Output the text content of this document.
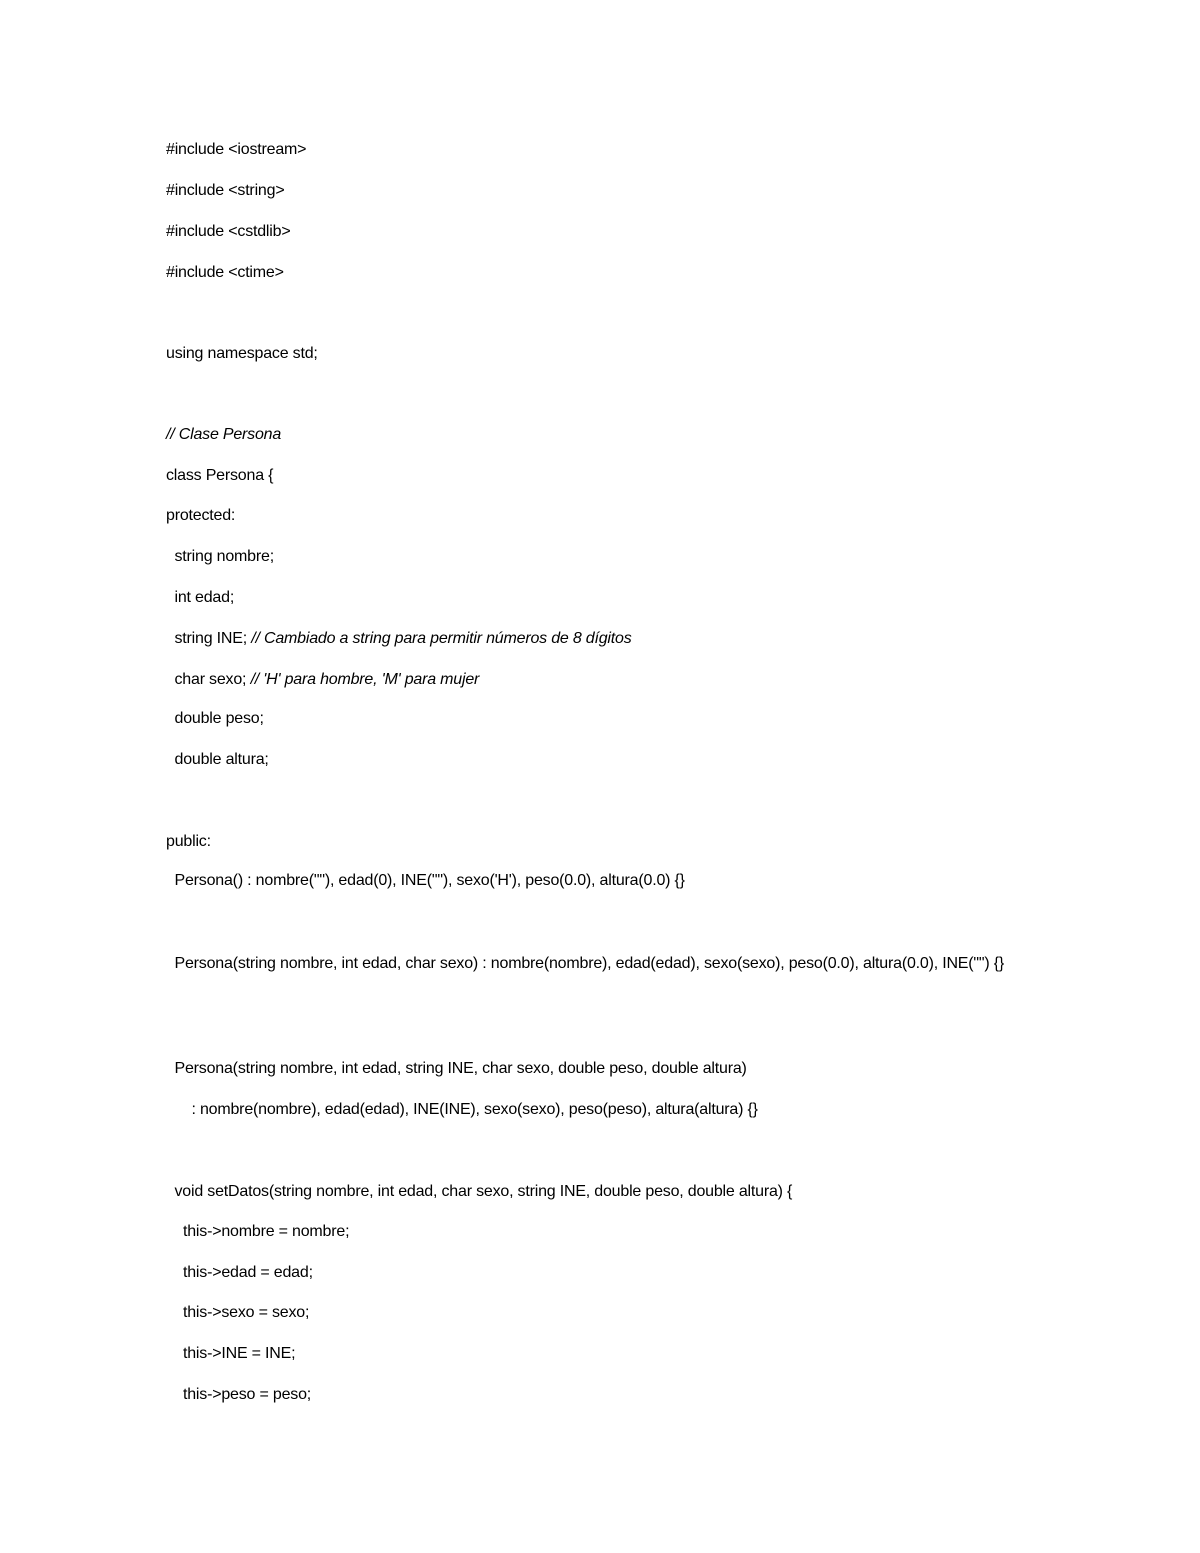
#include <iostream>
#include <string>
#include <cstdlib>
#include <ctime>
using namespace std;
// Clase Persona
class Persona {
protected:
string nombre;
int edad;
string INE; // Cambiado a string para permitir números de 8 dígitos
char sexo; // 'H' para hombre, 'M' para mujer
double peso;
double altura;
public:
Persona() : nombre(""), edad(0), INE(""), sexo('H'), peso(0.0), altura(0.0) {}
Persona(string nombre, int edad, char sexo) : nombre(nombre), edad(edad), sexo(sexo), peso(0.0), altura(0.0), INE("") {}
Persona(string nombre, int edad, string INE, char sexo, double peso, double altura)
: nombre(nombre), edad(edad), INE(INE), sexo(sexo), peso(peso), altura(altura) {}
void setDatos(string nombre, int edad, char sexo, string INE, double peso, double altura) {
this->nombre = nombre;
this->edad = edad;
this->sexo = sexo;
this->INE = INE;
this->peso = peso;
